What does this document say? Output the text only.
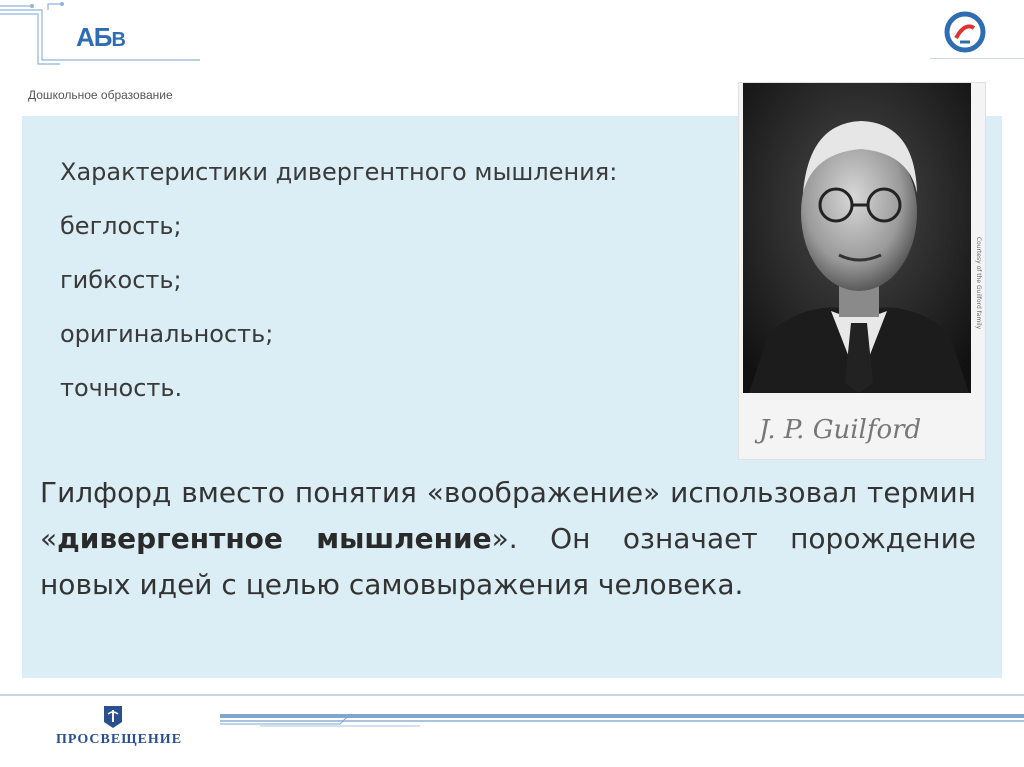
АБВ
Дошкольное образование
Характеристики дивергентного мышления:
беглость;
гибкость;
оригинальность;
точность.
J. P. Guilford
Courtesy of the Guilford family
Гилфорд вместо понятия «воображение» использовал термин «дивергентное мышление». Он означает порождение новых идей с целью самовыражения человека.
ПРОСВЕЩЕНИЕ
